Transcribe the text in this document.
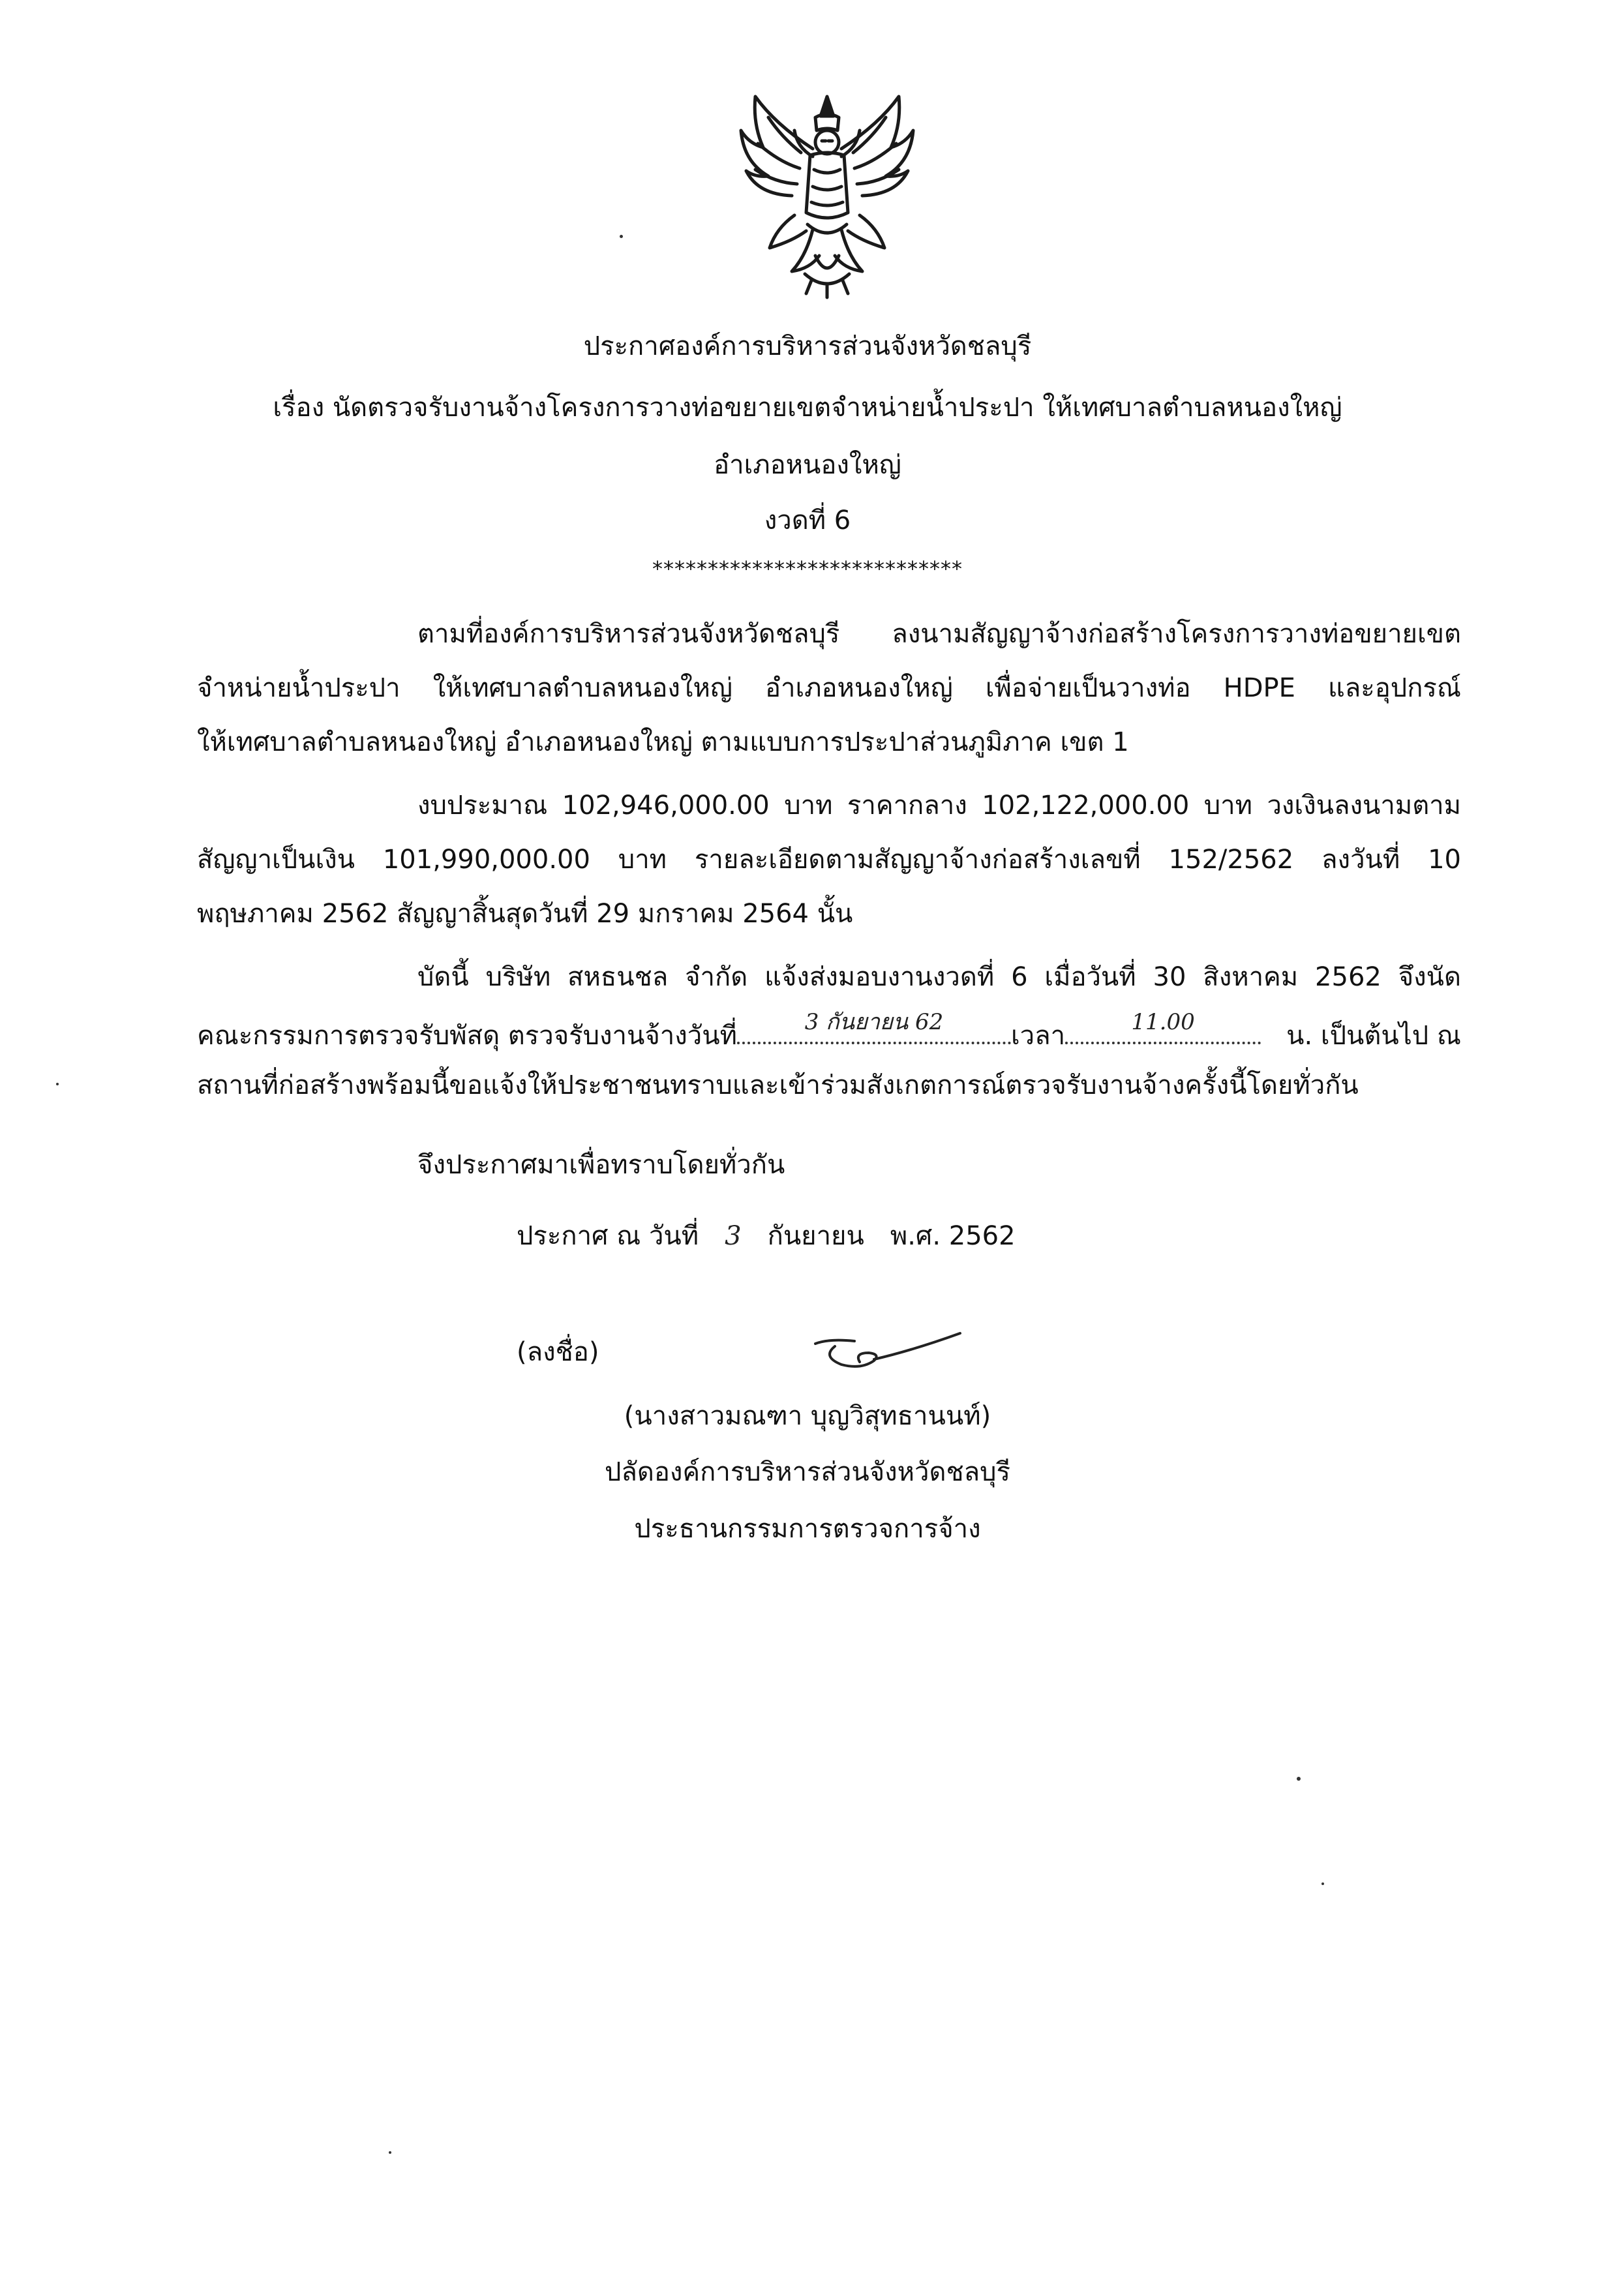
ประกาศองค์การบริหารส่วนจังหวัดชลบุรี
เรื่อง นัดตรวจรับงานจ้างโครงการวางท่อขยายเขตจำหน่ายน้ำประปา ให้เทศบาลตำบลหนองใหญ่
อำเภอหนองใหญ่
งวดที่ 6
****************************
ตามที่องค์การบริหารส่วนจังหวัดชลบุรี ลงนามสัญญาจ้างก่อสร้างโครงการวางท่อขยายเขต
จำหน่ายน้ำประปา ให้เทศบาลตำบลหนองใหญ่ อำเภอหนองใหญ่ เพื่อจ่ายเป็นวางท่อ HDPE และอุปกรณ์
ให้เทศบาลตำบลหนองใหญ่ อำเภอหนองใหญ่ ตามแบบการประปาส่วนภูมิภาค เขต 1
งบประมาณ 102,946,000.00 บาท ราคากลาง 102,122,000.00 บาท วงเงินลงนามตาม
สัญญาเป็นเงิน 101,990,000.00 บาท รายละเอียดตามสัญญาจ้างก่อสร้างเลขที่ 152/2562 ลงวันที่ 10
พฤษภาคม 2562 สัญญาสิ้นสุดวันที่ 29 มกราคม 2564 นั้น
บัดนี้ บริษัท สหธนชล จำกัด แจ้งส่งมอบงานงวดที่ 6 เมื่อวันที่ 30 สิงหาคม 2562 จึงนัด
คณะกรรมการตรวจรับพัสดุ ตรวจรับงานจ้างวันที่	3 กันยายน 62	เวลา	11.00	น. เป็นต้นไป ณ
สถานที่ก่อสร้างพร้อมนี้ขอแจ้งให้ประชาชนทราบและเข้าร่วมสังเกตการณ์ตรวจรับงานจ้างครั้งนี้โดยทั่วกัน
จึงประกาศมาเพื่อทราบโดยทั่วกัน
ประกาศ ณ วันที่ 3 กันยายน พ.ศ. 2562
(ลงชื่อ)
(นางสาวมณฑา บุญวิสุทธานนท์)
ปลัดองค์การบริหารส่วนจังหวัดชลบุรี
ประธานกรรมการตรวจการจ้าง
